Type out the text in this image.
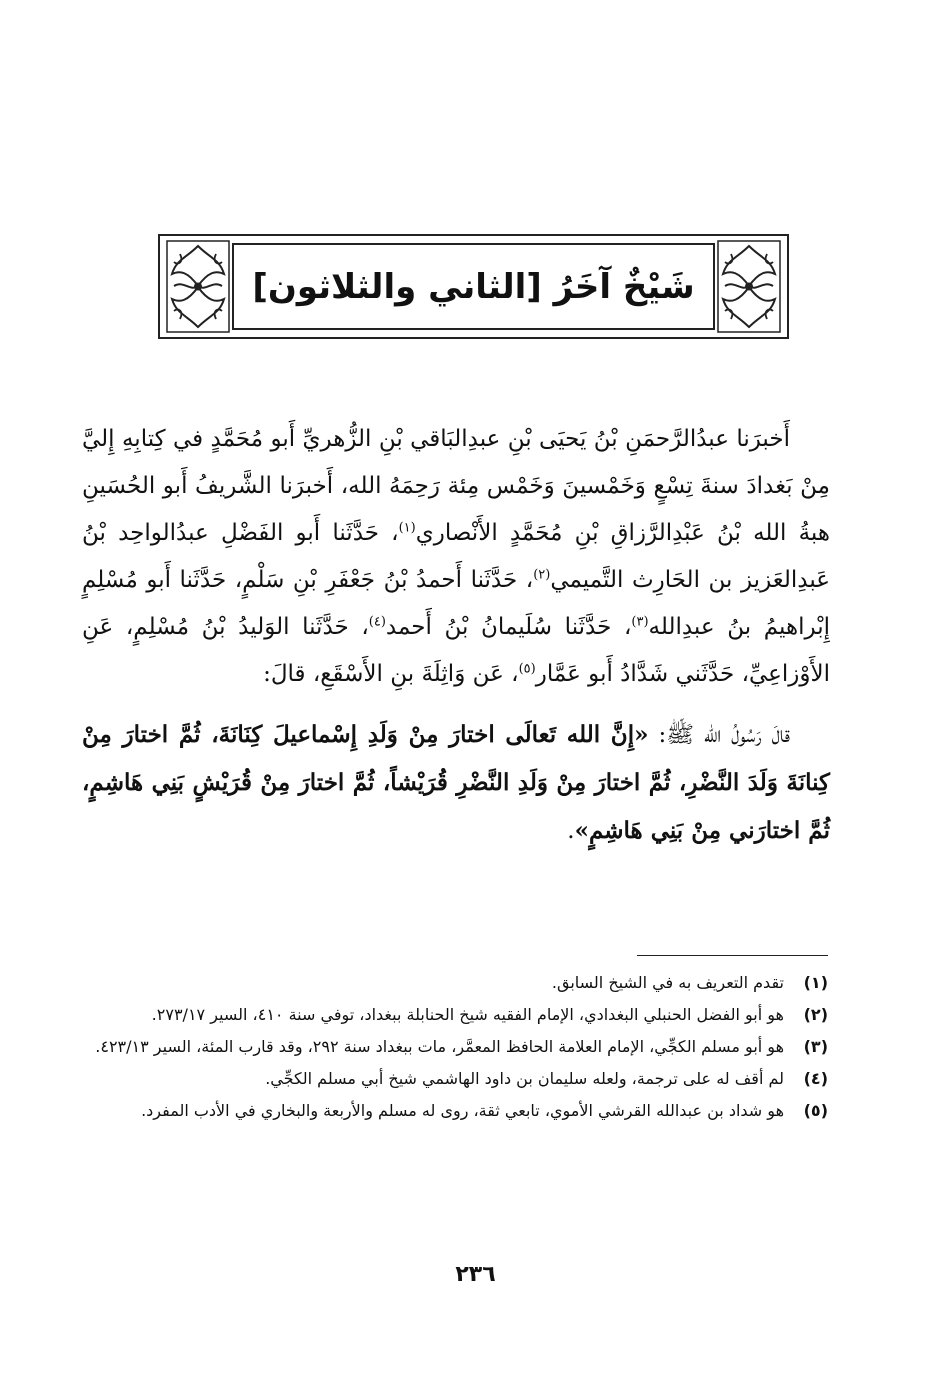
شَيْخٌ آخَرُ [الثاني والثلاثون]

أَخبرَنا عبدُالرَّحمَنِ بْنُ يَحيَى بْنِ عبدِالبَاقي بْنِ الزُّهريِّ أَبو مُحَمَّدٍ في كِتابِهِ إِليَّ مِنْ بَغدادَ سنةَ تِسْعٍ وَخَمْسينَ وَخَمْس مِئة رَحِمَهُ الله، أَخبرَنا الشَّريفُ أَبو الحُسَينِ هبةُ الله بْنُ عَبْدِالرَّزاقِ بْنِ مُحَمَّدٍ الأَنْصاري$^{(١)}$، حَدَّثَنا أَبو الفَضْلِ عبدُالواحِد بْنُ عَبدِالعَزيز بن الحَارِث التَّميمي$^{(٢)}$، حَدَّثَنا أَحمدُ بْنُ جَعْفَرِ بْنِ سَلْمٍ، حَدَّثَنا أَبو مُسْلِمٍ إِبْراهيمُ بنُ عبدِالله$^{(٣)}$، حَدَّثَنا سُلَيمانُ بْنُ أَحمد$^{(٤)}$، حَدَّثَنا الوَليدُ بْنُ مُسْلِمٍ، عَنِ الأَوْزاعِيِّ، حَدَّثَني شَدَّادُ أَبو عَمَّار$^{(٥)}$، عَن وَاثِلَةَ بنِ الأَسْقَعِ، قالَ:

قالَ رَسُولُ الله ﷺ: «إِنَّ الله تَعالَى اختارَ مِنْ وَلَدِ إِسْماعيلَ كِنَانَةَ، ثُمَّ اختارَ مِنْ كِنانَةَ وَلَدَ النَّضْرِ، ثُمَّ اختارَ مِنْ وَلَدِ النَّضْرِ قُرَيْشاً، ثُمَّ اختارَ مِنْ قُرَيْشٍ بَنِي هَاشِمٍ، ثُمَّ اختارَني مِنْ بَنِي هَاشِمٍ».

(١)
تقدم التعريف به في الشيخ السابق.
(٢)
هو أبو الفضل الحنبلي البغدادي، الإمام الفقيه شيخ الحنابلة ببغداد، توفي سنة ٤١٠، السير ٢٧٣/١٧.
(٣)
هو أبو مسلم الكجِّي، الإمام العلامة الحافظ المعمَّر، مات ببغداد سنة ٢٩٢، وقد قارب المئة، السير ٤٢٣/١٣.
(٤)
لم أقف له على ترجمة، ولعله سليمان بن داود الهاشمي شيخ أبي مسلم الكجِّي.
(٥)
هو شداد بن عبدالله القرشي الأموي، تابعي ثقة، روى له مسلم والأربعة والبخاري في الأدب المفرد.
٢٣٦
